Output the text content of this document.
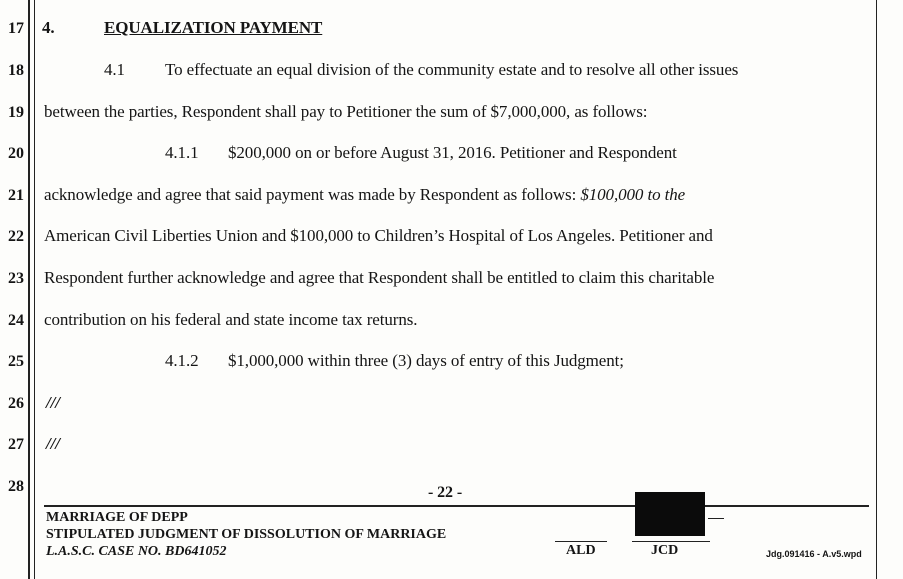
17
18
19
20
21
22
23
24
25
26
27
28
4.	EQUALIZATION PAYMENT
4.1 To effectuate an equal division of the community estate and to resolve all other issues
between the parties, Respondent shall pay to Petitioner the sum of $7,000,000, as follows:
4.1.1 $200,000 on or before August 31, 2016. Petitioner and Respondent
acknowledge and agree that said payment was made by Respondent as follows: $100,000 to the
American Civil Liberties Union and $100,000 to Children’s Hospital of Los Angeles. Petitioner and
Respondent further acknowledge and agree that Respondent shall be entitled to claim this charitable
contribution on his federal and state income tax returns.
4.1.2 $1,000,000 within three (3) days of entry of this Judgment;
///
///
- 22 -
MARRIAGE OF DEPP
STIPULATED JUDGMENT OF DISSOLUTION OF MARRIAGE
L.A.S.C. CASE NO. BD641052	ALD	JCD	Jdg.091416 - A.v5.wpd
